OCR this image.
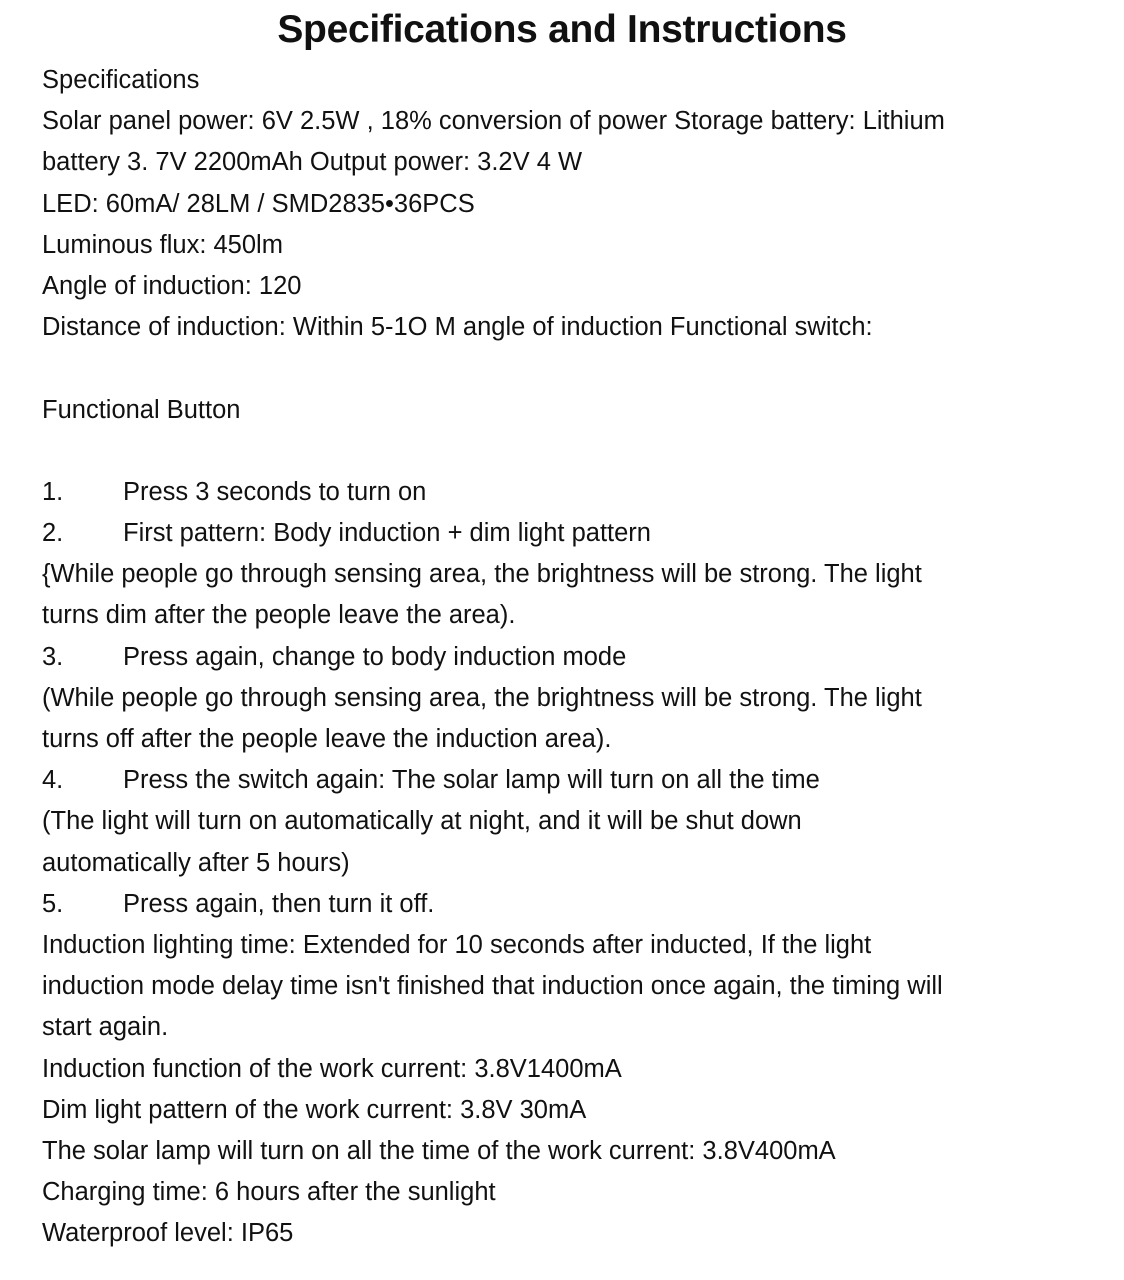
Specifications and Instructions
Specifications
Solar panel power: 6V 2.5W , 18% conversion of power Storage battery: Lithium
battery 3. 7V 2200mAh Output power: 3.2V 4 W
LED: 60mA/ 28LM / SMD2835•36PCS
Luminous flux: 450lm
Angle of induction: 120
Distance of induction: Within 5-1O M angle of induction Functional switch:
Functional Button
1.	Press 3 seconds to turn on
2.	First pattern: Body induction + dim light pattern
{While people go through sensing area, the brightness will be strong. The light
turns dim after the people leave the area).
3.	Press again, change to body induction mode
(While people go through sensing area, the brightness will be strong. The light
turns off after the people leave the induction area).
4.	Press the switch again: The solar lamp will turn on all the time
(The light will turn on automatically at night, and it will be shut down
automatically after 5 hours)
5.	Press again, then turn it off.
Induction lighting time: Extended for 10 seconds after inducted, If the light
induction mode delay time isn't finished that induction once again, the timing will
start again.
Induction function of the work current: 3.8V1400mA
Dim light pattern of the work current: 3.8V 30mA
The solar lamp will turn on all the time of the work current: 3.8V400mA
Charging time: 6 hours after the sunlight
Waterproof level: IP65
